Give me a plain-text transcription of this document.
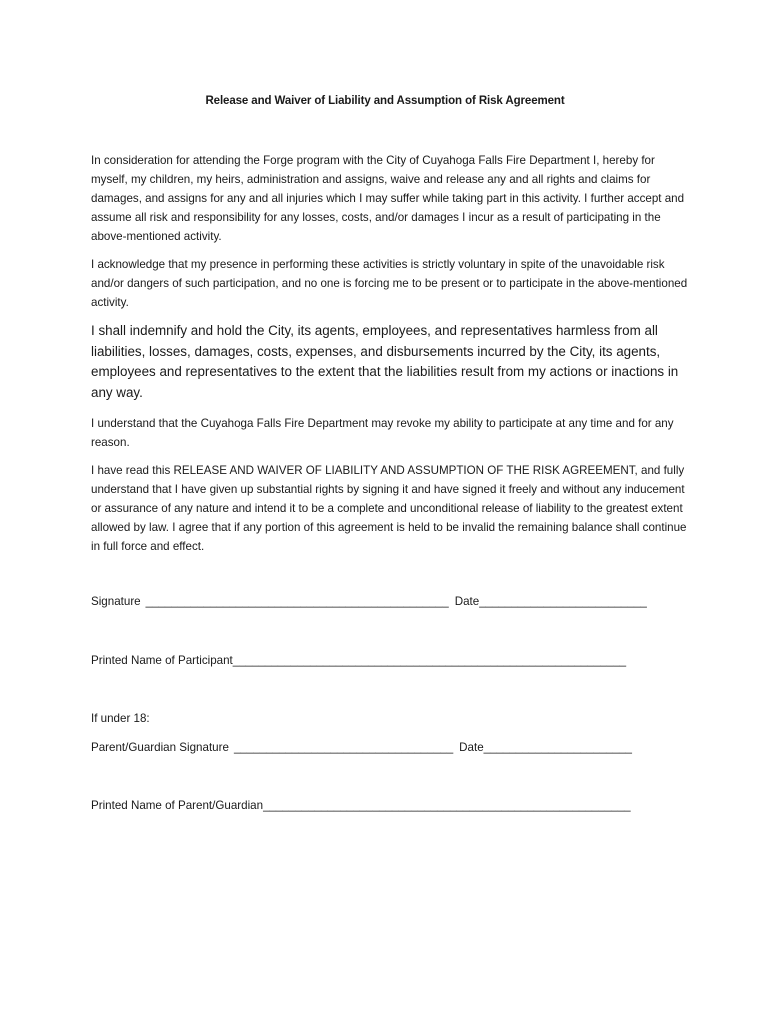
Release and Waiver of Liability and Assumption of Risk Agreement

In consideration for attending the Forge program with the City of Cuyahoga Falls Fire Department I, hereby for myself, my children, my heirs, administration and assigns, waive and release any and all rights and claims for damages, and assigns for any and all injuries which I may suffer while taking part in this activity. I further accept and assume all risk and responsibility for any losses, costs, and/or damages I incur as a result of participating in the above-mentioned activity.

I acknowledge that my presence in performing these activities is strictly voluntary in spite of the unavoidable risk and/or dangers of such participation, and no one is forcing me to be present or to participate in the above-mentioned activity.

I shall indemnify and hold the City, its agents, employees, and representatives harmless from all liabilities, losses, damages, costs, expenses, and disbursements incurred by the City, its agents, employees and representatives to the extent that the liabilities result from my actions or inactions in any way.

I understand that the Cuyahoga Falls Fire Department may revoke my ability to participate at any time and for any reason.

I have read this RELEASE AND WAIVER OF LIABILITY AND ASSUMPTION OF THE RISK AGREEMENT, and fully understand that I have given up substantial rights by signing it and have signed it freely and without any inducement or assurance of any nature and intend it to be a complete and unconditional release of liability to the greatest extent allowed by law. I agree that if any portion of this agreement is held to be invalid the remaining balance shall continue in full force and effect.

Signature _______________________________________________ Date__________________________
Printed Name of Participant_____________________________________________________________
If under 18:
Parent/Guardian Signature __________________________________ Date_______________________
Printed Name of Parent/Guardian_________________________________________________________
